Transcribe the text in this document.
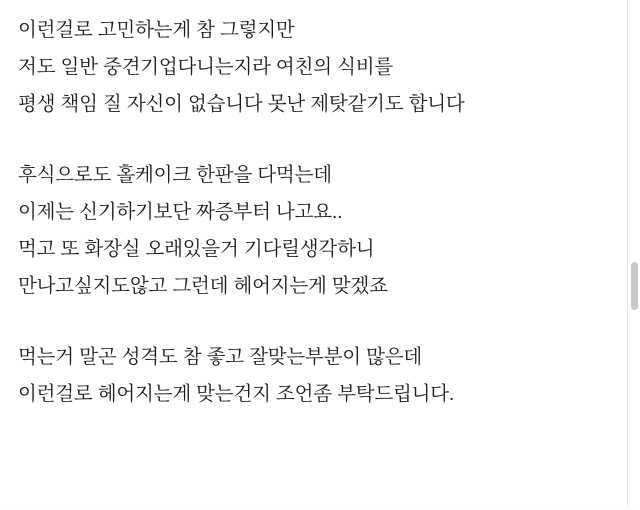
이런걸로 고민하는게 참 그렇지만
저도 일반 중견기업다니는지라 여친의 식비를
평생 책임 질 자신이 없습니다 못난 제탓같기도 합니다
후식으로도 홀케이크 한판을 다먹는데
이제는 신기하기보단 짜증부터 나고요..
먹고 또 화장실 오래있을거 기다릴생각하니
만나고싶지도않고 그런데 헤어지는게 맞겠죠
먹는거 말곤 성격도 참 좋고 잘맞는부분이 많은데
이런걸로 헤어지는게 맞는건지 조언좀 부탁드립니다.
